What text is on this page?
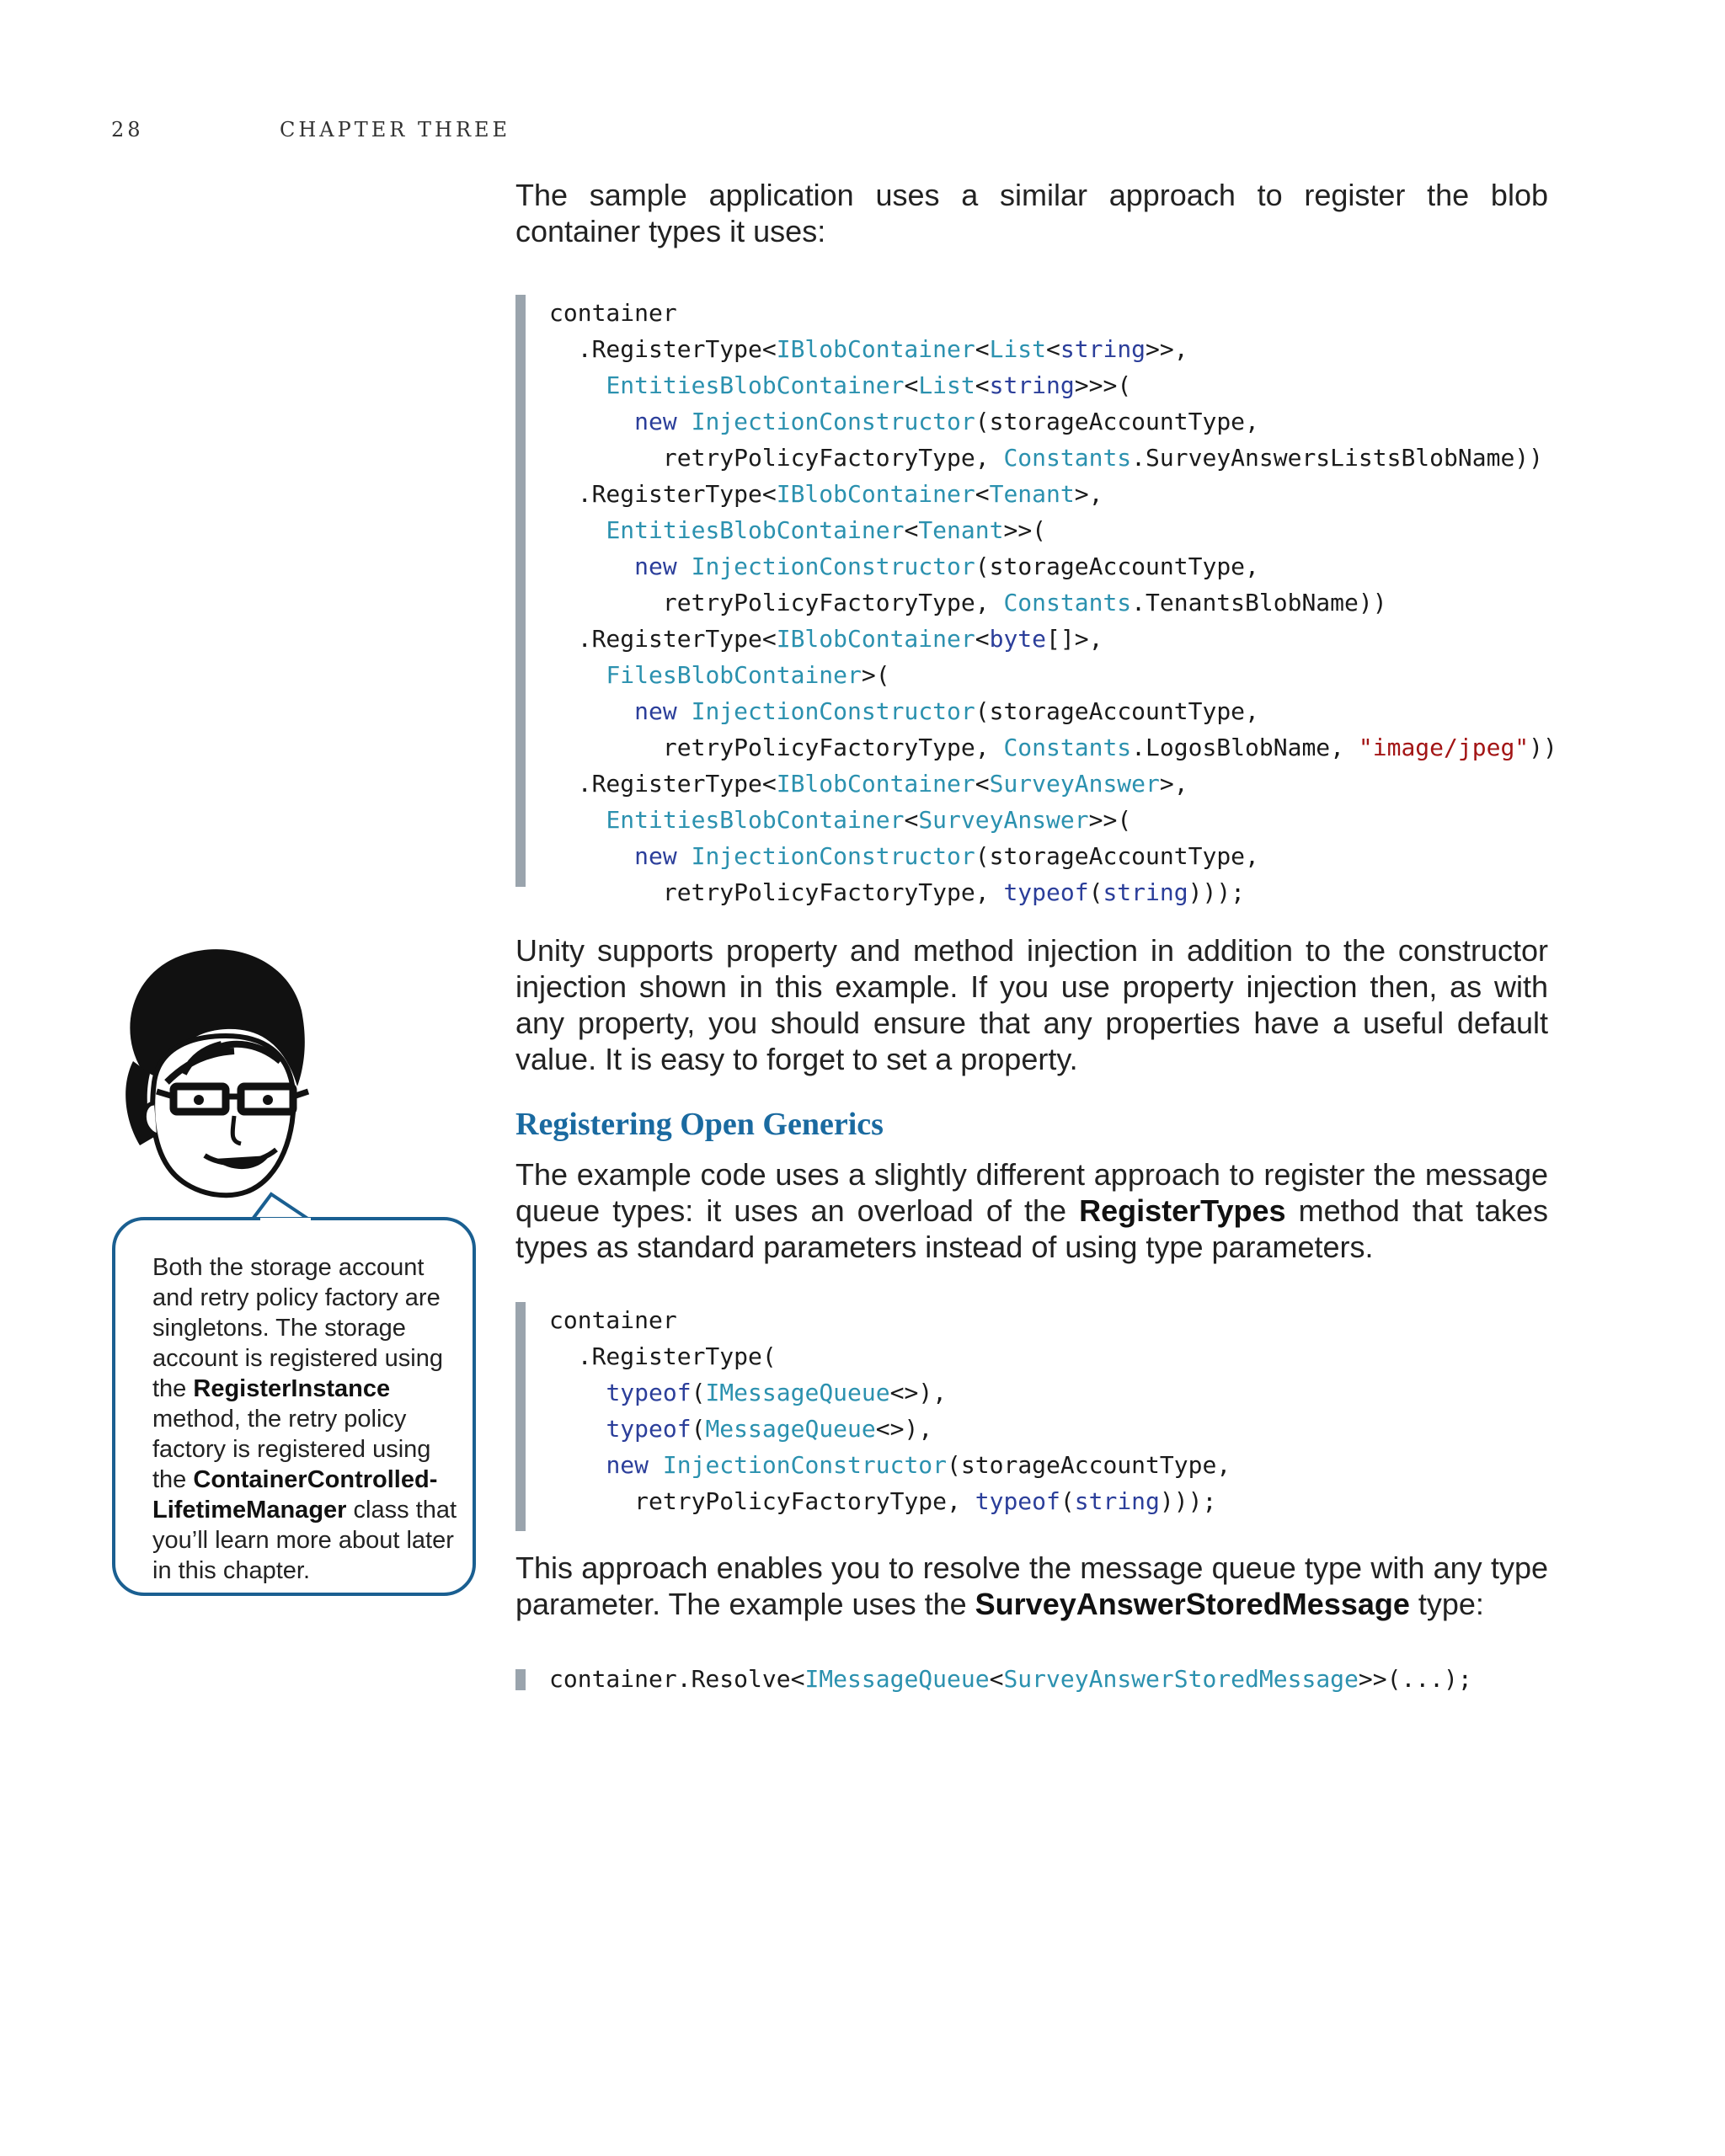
28	CHAPTER THREE

The sample application uses a similar approach to register the blob container types it uses:

container
.RegisterType<IBlobContainer<List<string>>,
EntitiesBlobContainer<List<string>>>(
new InjectionConstructor(storageAccountType,
retryPolicyFactoryType, Constants.SurveyAnswersListsBlobName))
.RegisterType<IBlobContainer<Tenant>,
EntitiesBlobContainer<Tenant>>(
new InjectionConstructor(storageAccountType,
retryPolicyFactoryType, Constants.TenantsBlobName))
.RegisterType<IBlobContainer<byte[]>,
FilesBlobContainer>(
new InjectionConstructor(storageAccountType,
retryPolicyFactoryType, Constants.LogosBlobName, "image/jpeg"))
.RegisterType<IBlobContainer<SurveyAnswer>,
EntitiesBlobContainer<SurveyAnswer>>(
new InjectionConstructor(storageAccountType,
retryPolicyFactoryType, typeof(string)));

Unity supports property and method injection in addition to the constructor injection shown in this example. If you use property injection then, as with any property, you should ensure that any properties have a useful default value. It is easy to forget to set a property.

Registering Open Generics

The example code uses a slightly different approach to register the message queue types: it uses an overload of the RegisterTypes method that takes types as standard parameters instead of using type parameters.

container
.RegisterType(
typeof(IMessageQueue<>),
typeof(MessageQueue<>),
new InjectionConstructor(storageAccountType,
retryPolicyFactoryType, typeof(string)));

This approach enables you to resolve the message queue type with any type parameter. The example uses the SurveyAnswerStoredMessage type:

container.Resolve<IMessageQueue<SurveyAnswerStoredMessage>>(...);
Both the storage account and retry policy factory are singletons. The storage account is registered using the RegisterInstance method, the retry policy factory is registered using the ContainerControlled-LifetimeManager class that you’ll learn more about later in this chapter.
